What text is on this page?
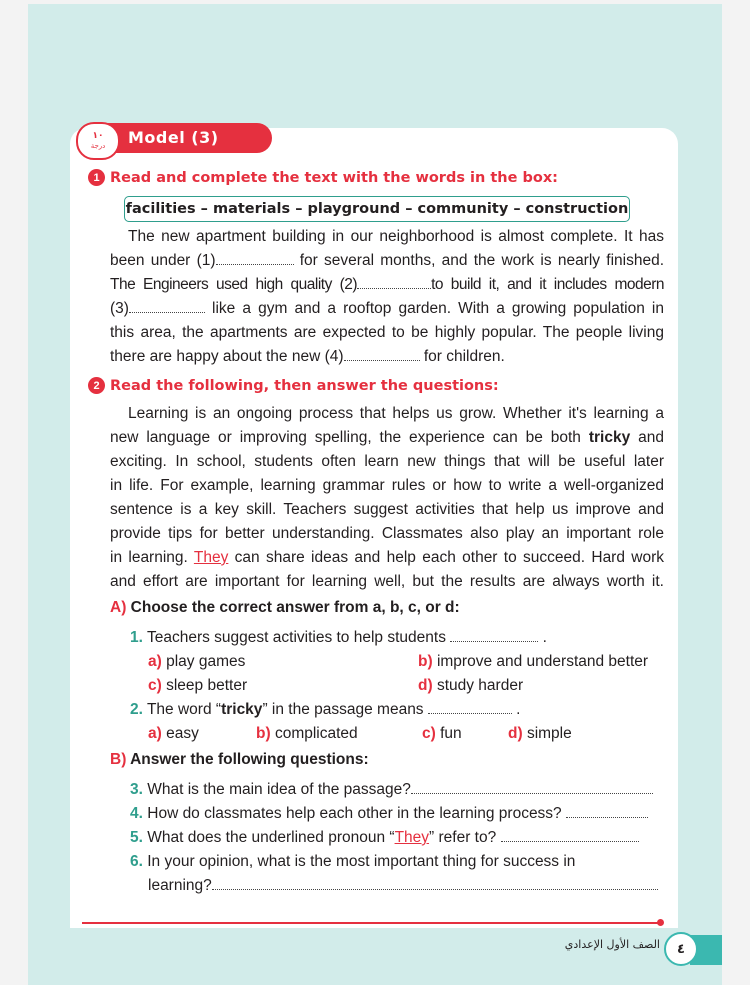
Model (3)
١٠
درجة
1 Read and complete the text with the words in the box:
facilities – materials – playground – community – construction
The new apartment building in our neighborhood is almost complete. It has
been under (1)	for several months, and the work is nearly finished.
The Engineers used high quality (2)	to build it, and it includes modern
(3)	like a gym and a rooftop garden. With a growing population in
this area, the apartments are expected to be highly popular. The people living
there are happy about the new (4)	for children.
2 Read the following, then answer the questions:
Learning is an ongoing process that helps us grow. Whether it's learning a
new language or improving spelling, the experience can be both tricky and
exciting. In school, students often learn new things that will be useful later
in life. For example, learning grammar rules or how to write a well-organized
sentence is a key skill. Teachers suggest activities that help us improve and
provide tips for better understanding. Classmates also play an important role
in learning. They can share ideas and help each other to succeed. Hard work
and effort are important for learning well, but the results are always worth it.
A) Choose the correct answer from a, b, c, or d:
1. Teachers suggest activities to help students	.
a) play games	b) improve and understand better
c) sleep better	d) study harder
2. The word “tricky” in the passage means	.
a) easy	b) complicated	c) fun	d) simple
B) Answer the following questions:
3. What is the main idea of the passage?
4. How do classmates help each other in the learning process?
5. What does the underlined pronoun “They” refer to?
6. In your opinion, what is the most important thing for success in
learning?
٤
الصف الأول الإعدادي
